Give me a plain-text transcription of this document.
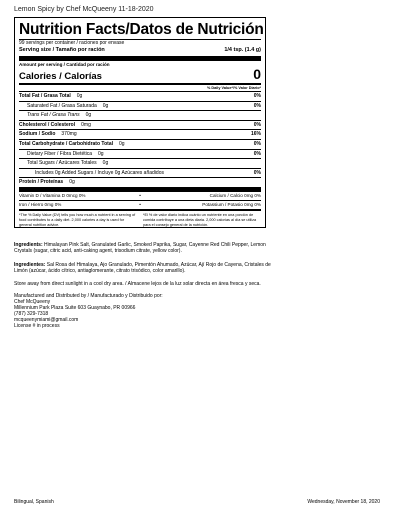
Lemon Spicy by Chef McQueeny 11-18-2020
Nutrition Facts/Datos de Nutrición
99 servings per container / raciones por envase
Serving size / Tamaño por ración	1/4 tsp. (1.4 g)
Amount per serving / Cantidad por ración
Calories / Calorías	0
% Daily Value*/% Valor Diario*
Total Fat / Grasa Total 0g	0%
Saturated Fat / Grasa Saturada 0g	0%
Trans Fat / Grasa Trans 0g
Cholesterol / Colesterol 0mg	0%
Sodium / Sodio 370mg	16%
Total Carbohydrate / Carbohidrato Total 0g	0%
Dietary Fiber / Fibra Dietética 0g	0%
Total Sugars / Azúcares Totales 0g
Includes 0g Added Sugars / Incluye 0g Azúcares añadidos	0%
Protein / Proteínas 0g
Vitamin D / Vitamina D 0mcg 0%	•	Calcium / Calcio 0mg 0%
Iron / Hierro 0mg 0%	•	Potassium / Potasio 0mg 0%
*The % Daily Value (DV) tells you how much a nutrient in a serving of food contributes to a daily diet. 2,000 calories a day is used for general nutrition advice.
*El % de valor diario indica cuánto un nutriente en una porción de comida contribuye a una dieta diaria. 2,000 calorías al día se utiliza para el consejo general de la nutrición.
Ingredients: Himalayan Pink Salt, Granulated Garlic, Smoked Paprika, Sugar, Cayenne Red Chili Pepper, Lemon Crystals (sugar, citric acid, anti-caking agent, trisodium citrate, yellow color).
Ingredientes: Sal Rosa del Himalaya, Ajo Granulado, Pimentón Ahumado, Azúcar, Ají Rojo de Cayena, Cristales de Limón (azúcar, ácido cítrico, antiaglomerante, citrato trisódico, color amarillo).
Store away from direct sunlight in a cool dry area. / Almacene lejos de la luz solar directa en área fresca y seca.
Manufactured and Distributed by / Manufacturado y Distribuido por:
Chef McQueeny
Millennium Park Plaza Suite 603 Guaynabo, PR 00966
(787) 329-7318
mcqueenymiami@gmail.com
License # in process
Bilingual, Spanish	Wednesday, November 18, 2020
